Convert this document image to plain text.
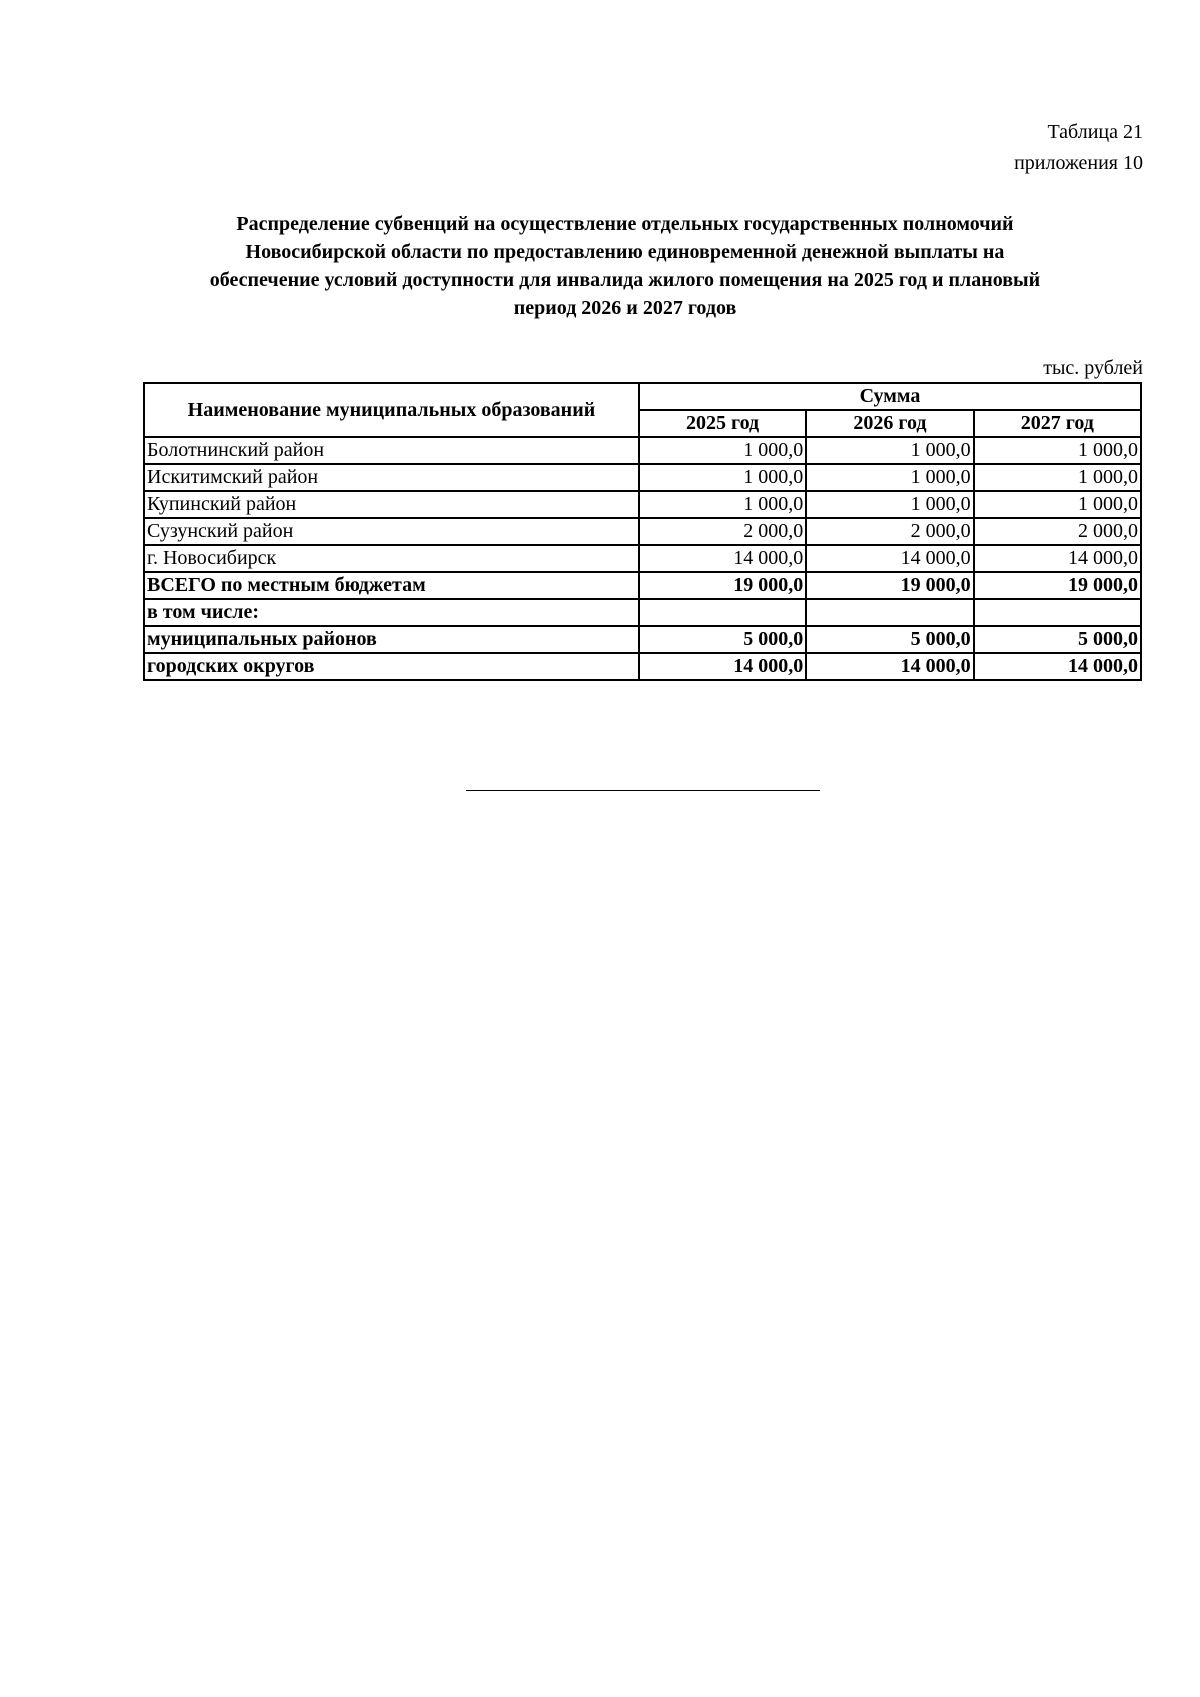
Таблица 21
приложения 10
Распределение субвенций на осуществление отдельных государственных полномочий
Новосибирской области по предоставлению единовременной денежной выплаты на
обеспечение условий доступности для инвалида жилого помещения на 2025 год и плановый
период 2026 и 2027 годов
тыс. рублей
Наименование муниципальных образований	Сумма		
	2025 год	2026 год	2027 год
Болотнинский район	1 000,0	1 000,0	1 000,0
Искитимский район	1 000,0	1 000,0	1 000,0
Купинский район	1 000,0	1 000,0	1 000,0
Сузунский район	2 000,0	2 000,0	2 000,0
г. Новосибирск	14 000,0	14 000,0	14 000,0
ВСЕГО по местным бюджетам	19 000,0	19 000,0	19 000,0
в том числе:			
муниципальных районов	5 000,0	5 000,0	5 000,0
городских округов	14 000,0	14 000,0	14 000,0
